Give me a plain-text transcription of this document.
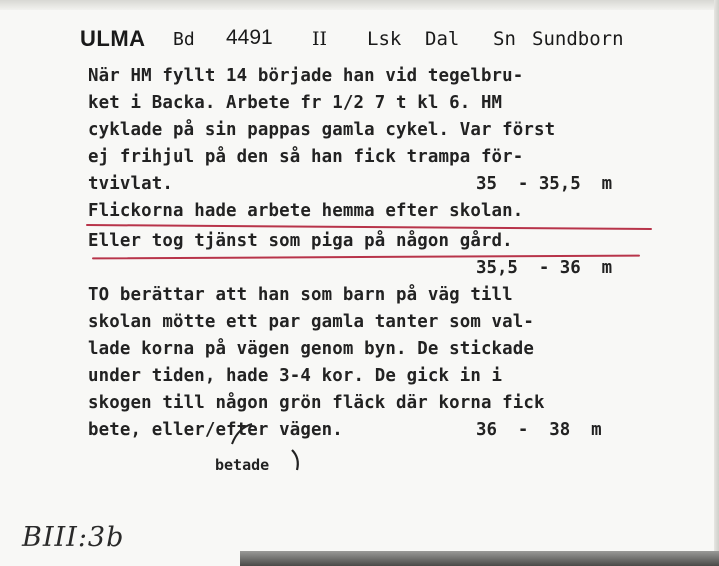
ULMA Bd 4491 II Lsk Dal Sn Sundborn
När HM fyllt 14 började han vid tegelbru-
ket i Backa. Arbete fr 1/2 7 t kl 6. HM
cyklade på sin pappas gamla cykel. Var först
ej frihjul på den så han fick trampa för-
tvivlat.	35  - 35,5  m
Flickorna hade arbete hemma efter skolan.
Eller tog tjänst som piga på någon gård.
35,5  - 36  m
TO berättar att han som barn på väg till
skolan mötte ett par gamla tanter som val-
lade korna på vägen genom byn. De stickade
under tiden, hade 3-4 kor. De gick in i
skogen till någon grön fläck där korna fick
bete, eller/efter vägen.	36  -  38  m
betade
BIII:3b
